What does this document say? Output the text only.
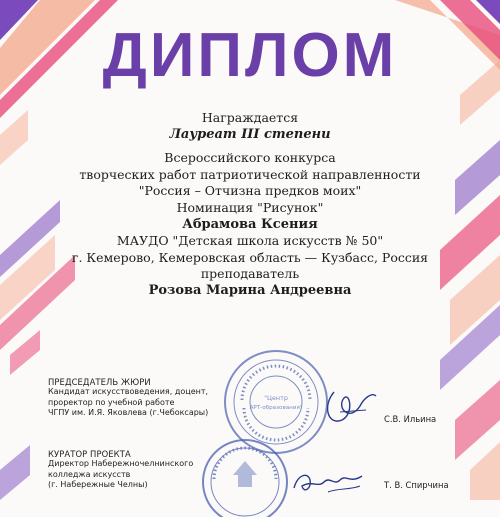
ДИПЛОМ
Награждается
Лауреат III степени
Всероссийского конкурса
творческих работ патриотической направленности
"Россия – Отчизна предков моих"
Номинация "Рисунок"
Абрамова Ксения
МАУДО "Детская школа искусств № 50"
г. Кемерово, Кемеровская область — Кузбасс, Россия
преподаватель
Розова Марина Андреевна
ПРЕДСЕДАТЕЛЬ ЖЮРИ
Кандидат искусствоведения, доцент,
проректор по учебной работе
ЧГПУ им. И.Я. Яковлева (г.Чебоксары)
С.В. Ильина
КУРАТОР ПРОЕКТА
Директор Набережночелнинского
колледжа искусств
(г. Набережные Челны)	Т. В. Спирчина
"Центр
АРТ-образования"
